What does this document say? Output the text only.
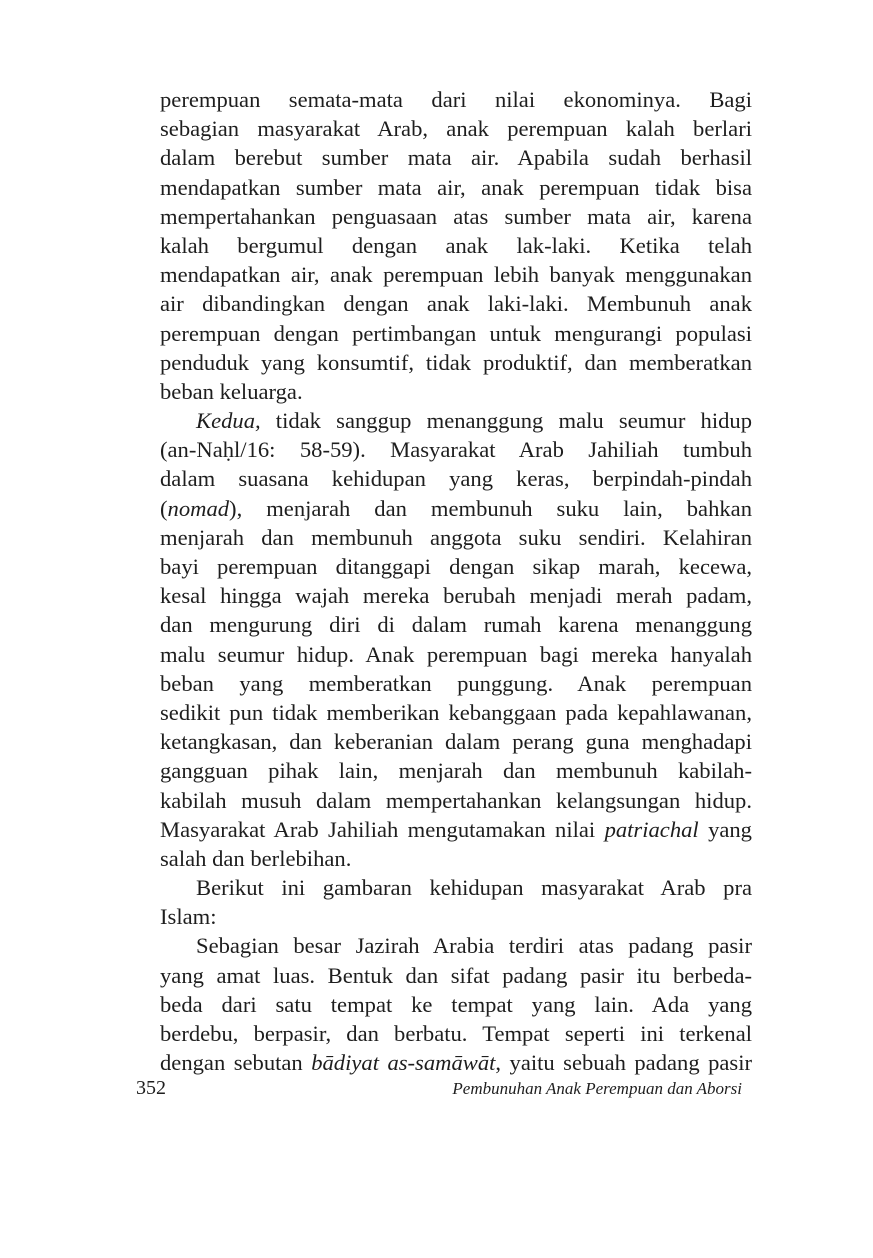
perempuan semata-mata dari nilai ekonominya. Bagi
sebagian masyarakat Arab, anak perempuan kalah berlari
dalam berebut sumber mata air. Apabila sudah berhasil
mendapatkan sumber mata air, anak perempuan tidak bisa
mempertahankan penguasaan atas sumber mata air, karena
kalah bergumul dengan anak lak-laki. Ketika telah
mendapatkan air, anak perempuan lebih banyak menggunakan
air dibandingkan dengan anak laki-laki. Membunuh anak
perempuan dengan pertimbangan untuk mengurangi populasi
penduduk yang konsumtif, tidak produktif, dan memberatkan
beban keluarga.
Kedua, tidak sanggup menanggung malu seumur hidup
(an-Naḥl/16: 58-59). Masyarakat Arab Jahiliah tumbuh
dalam suasana kehidupan yang keras, berpindah-pindah
(nomad), menjarah dan membunuh suku lain, bahkan
menjarah dan membunuh anggota suku sendiri. Kelahiran
bayi perempuan ditanggapi dengan sikap marah, kecewa,
kesal hingga wajah mereka berubah menjadi merah padam,
dan mengurung diri di dalam rumah karena menanggung
malu seumur hidup. Anak perempuan bagi mereka hanyalah
beban yang memberatkan punggung. Anak perempuan
sedikit pun tidak memberikan kebanggaan pada kepahlawanan,
ketangkasan, dan keberanian dalam perang guna menghadapi
gangguan pihak lain, menjarah dan membunuh kabilah-
kabilah musuh dalam mempertahankan kelangsungan hidup.
Masyarakat Arab Jahiliah mengutamakan nilai patriachal yang
salah dan berlebihan.
Berikut ini gambaran kehidupan masyarakat Arab pra
Islam:
Sebagian besar Jazirah Arabia terdiri atas padang pasir
yang amat luas. Bentuk dan sifat padang pasir itu berbeda-
beda dari satu tempat ke tempat yang lain. Ada yang
berdebu, berpasir, dan berbatu. Tempat seperti ini terkenal
dengan sebutan bādiyat as-samāwāt, yaitu sebuah padang pasir
352	Pembunuhan Anak Perempuan dan Aborsi
